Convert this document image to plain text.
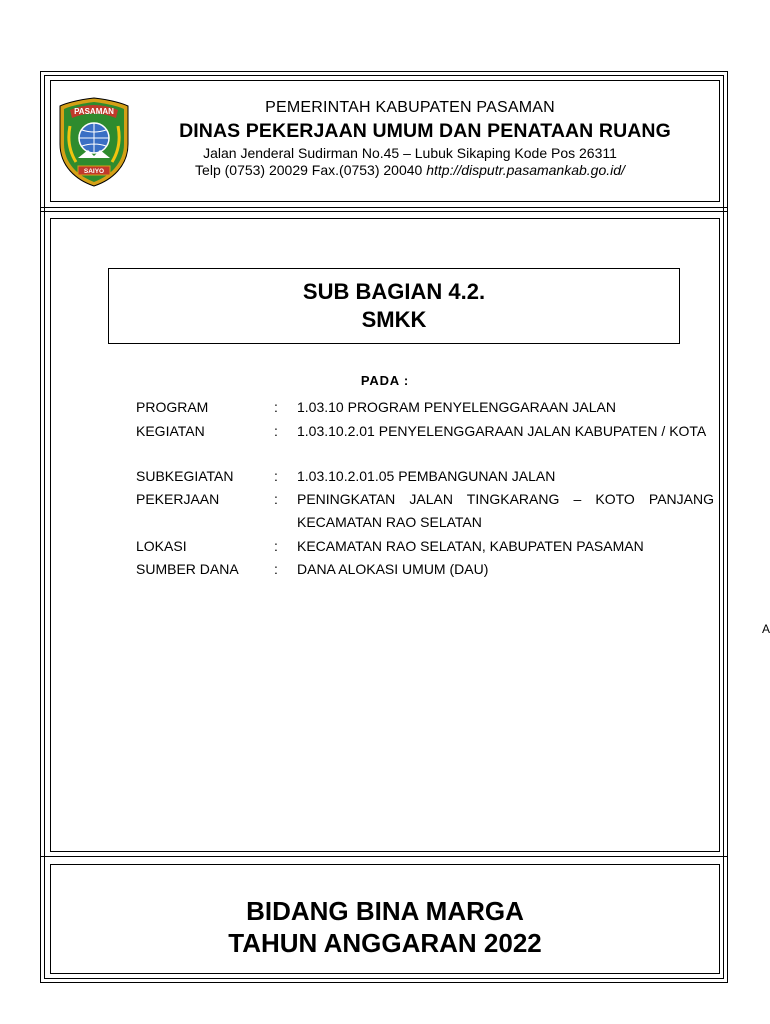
PASAMAN
SAIYO
PEMERINTAH KABUPATEN PASAMAN
DINAS PEKERJAAN UMUM DAN PENATAAN RUANG
Jalan Jenderal Sudirman No.45 – Lubuk Sikaping Kode Pos 26311
Telp (0753) 20029 Fax.(0753) 20040 http://disputr.pasamankab.go.id/
SUB BAGIAN 4.2.
SMKK
PADA :
PROGRAM	: 1.03.10 PROGRAM PENYELENGGARAAN JALAN
KEGIATAN	: 1.03.10.2.01 PENYELENGGARAAN JALAN KABUPATEN / KOTA
SUBKEGIATAN	: 1.03.10.2.01.05 PEMBANGUNAN JALAN
PEKERJAAN	: PENINGKATAN JALAN TINGKARANG – KOTO PANJANG KECAMATAN RAO SELATAN
LOKASI	: KECAMATAN RAO SELATAN, KABUPATEN PASAMAN
SUMBER DANA	: DANA ALOKASI UMUM (DAU)
A
BIDANG BINA MARGA
TAHUN ANGGARAN 2022
